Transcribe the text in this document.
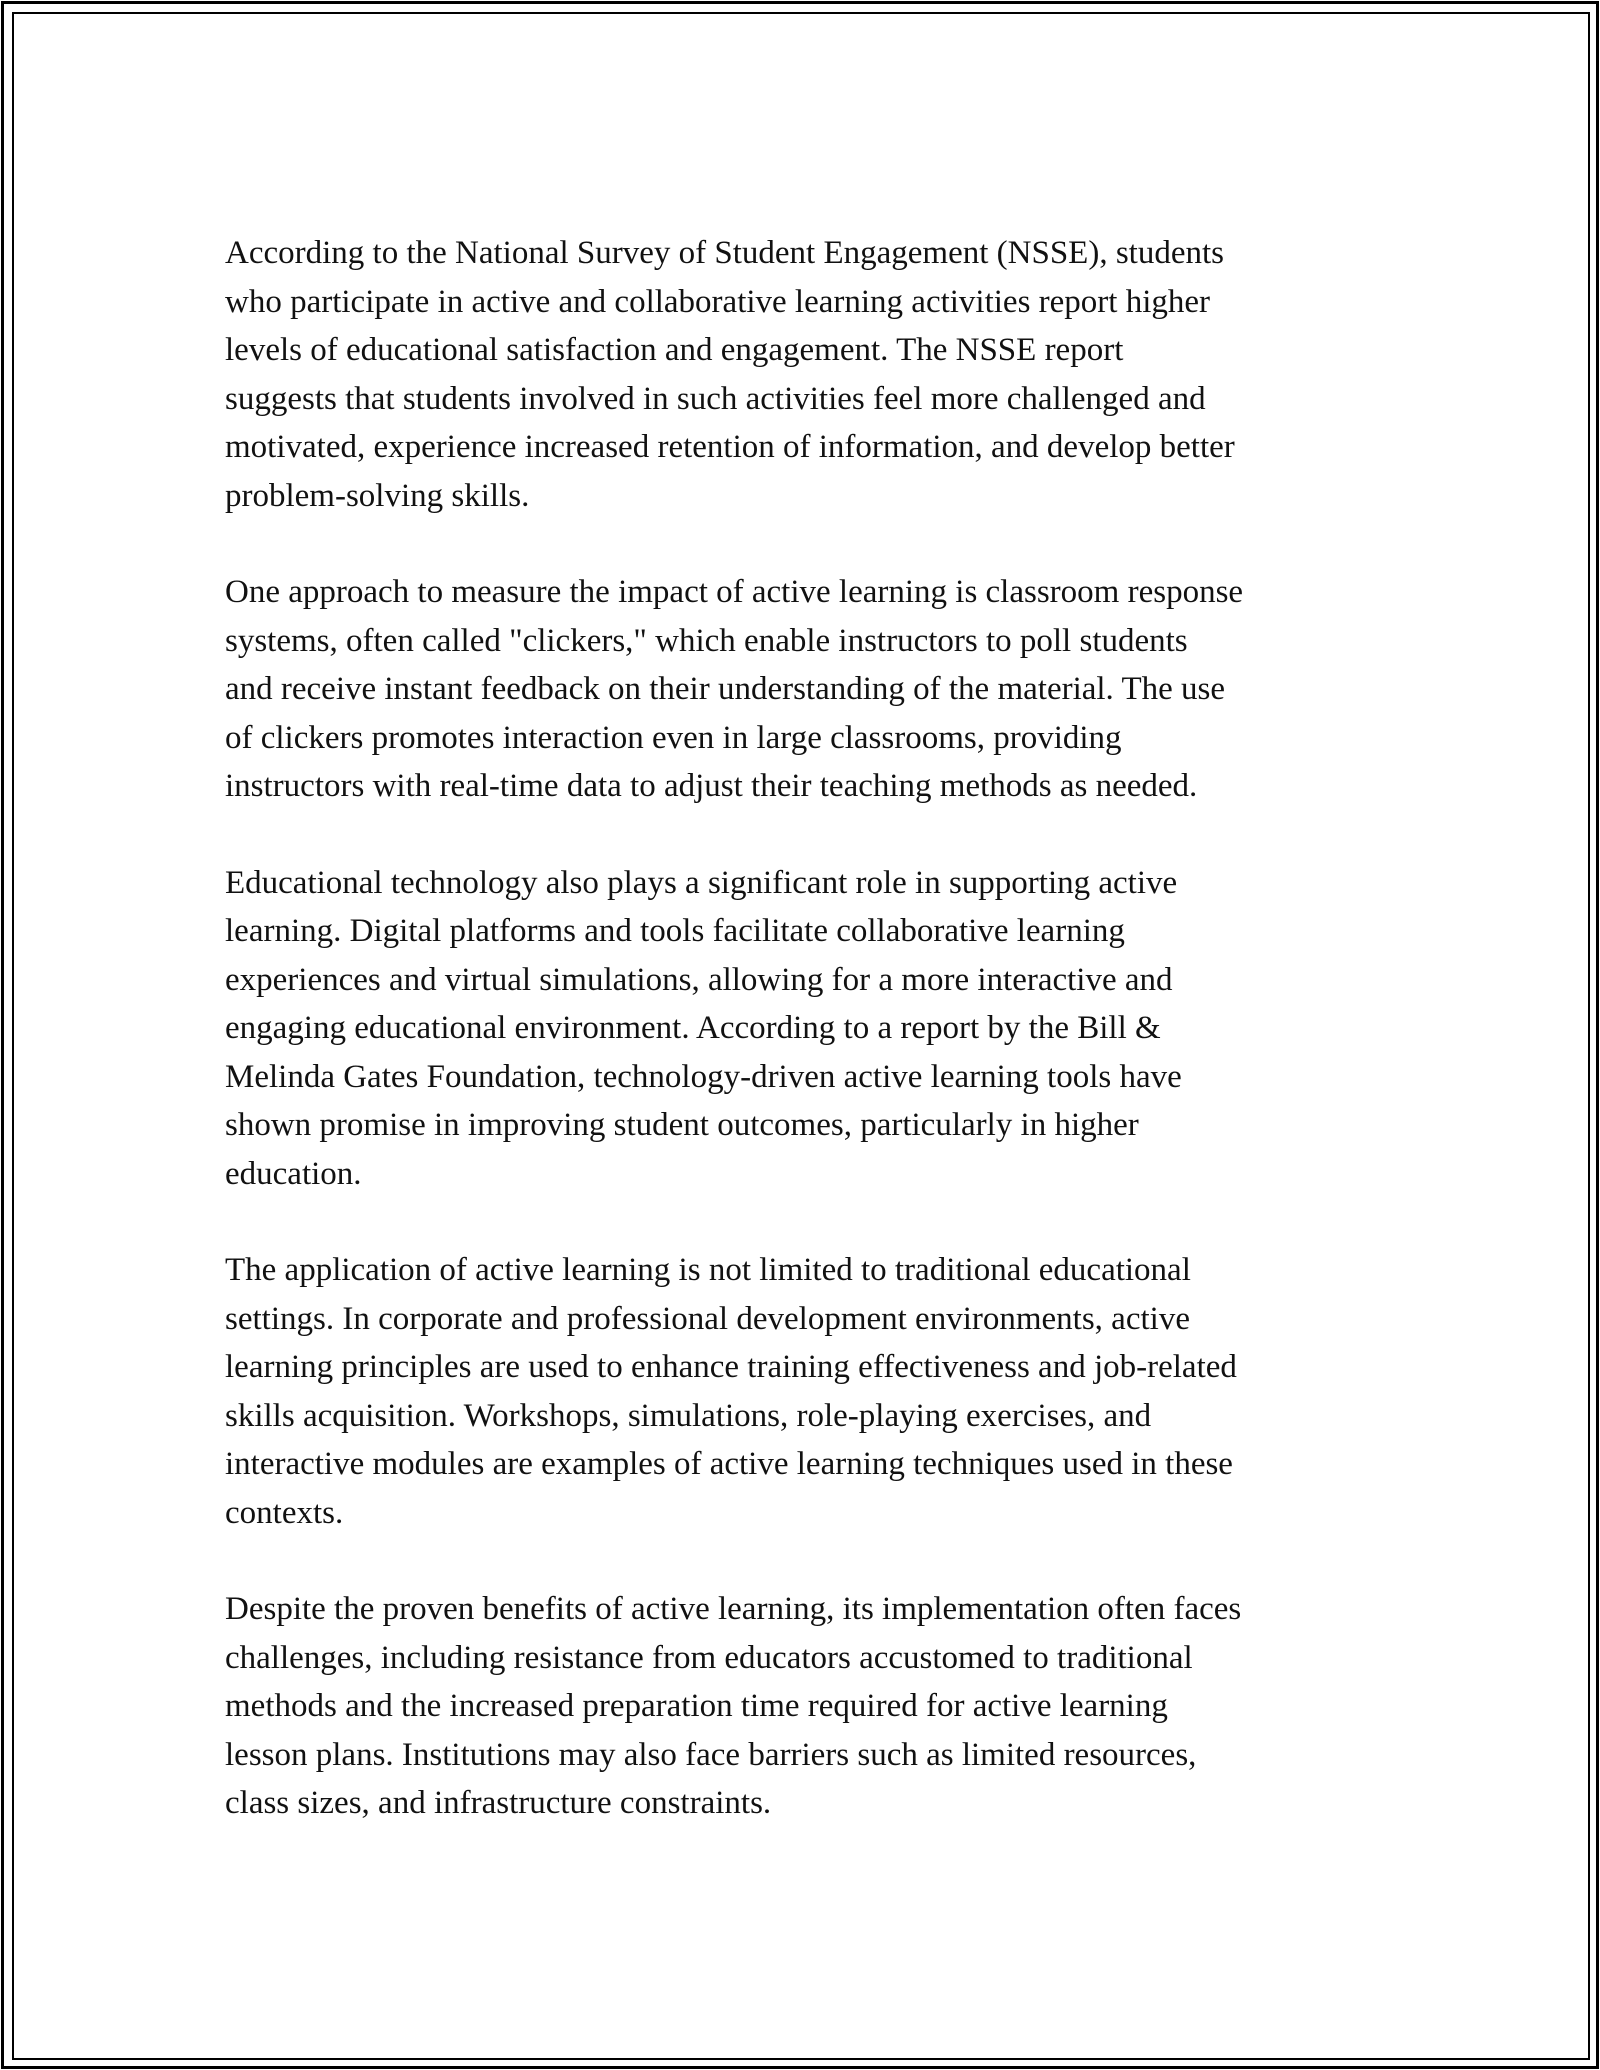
According to the National Survey of Student Engagement (NSSE), students
who participate in active and collaborative learning activities report higher
levels of educational satisfaction and engagement. The NSSE report
suggests that students involved in such activities feel more challenged and
motivated, experience increased retention of information, and develop better
problem-solving skills.

One approach to measure the impact of active learning is classroom response
systems, often called "clickers," which enable instructors to poll students
and receive instant feedback on their understanding of the material. The use
of clickers promotes interaction even in large classrooms, providing
instructors with real-time data to adjust their teaching methods as needed.

Educational technology also plays a significant role in supporting active
learning. Digital platforms and tools facilitate collaborative learning
experiences and virtual simulations, allowing for a more interactive and
engaging educational environment. According to a report by the Bill &
Melinda Gates Foundation, technology-driven active learning tools have
shown promise in improving student outcomes, particularly in higher
education.

The application of active learning is not limited to traditional educational
settings. In corporate and professional development environments, active
learning principles are used to enhance training effectiveness and job-related
skills acquisition. Workshops, simulations, role-playing exercises, and
interactive modules are examples of active learning techniques used in these
contexts.

Despite the proven benefits of active learning, its implementation often faces
challenges, including resistance from educators accustomed to traditional
methods and the increased preparation time required for active learning
lesson plans. Institutions may also face barriers such as limited resources,
class sizes, and infrastructure constraints.
